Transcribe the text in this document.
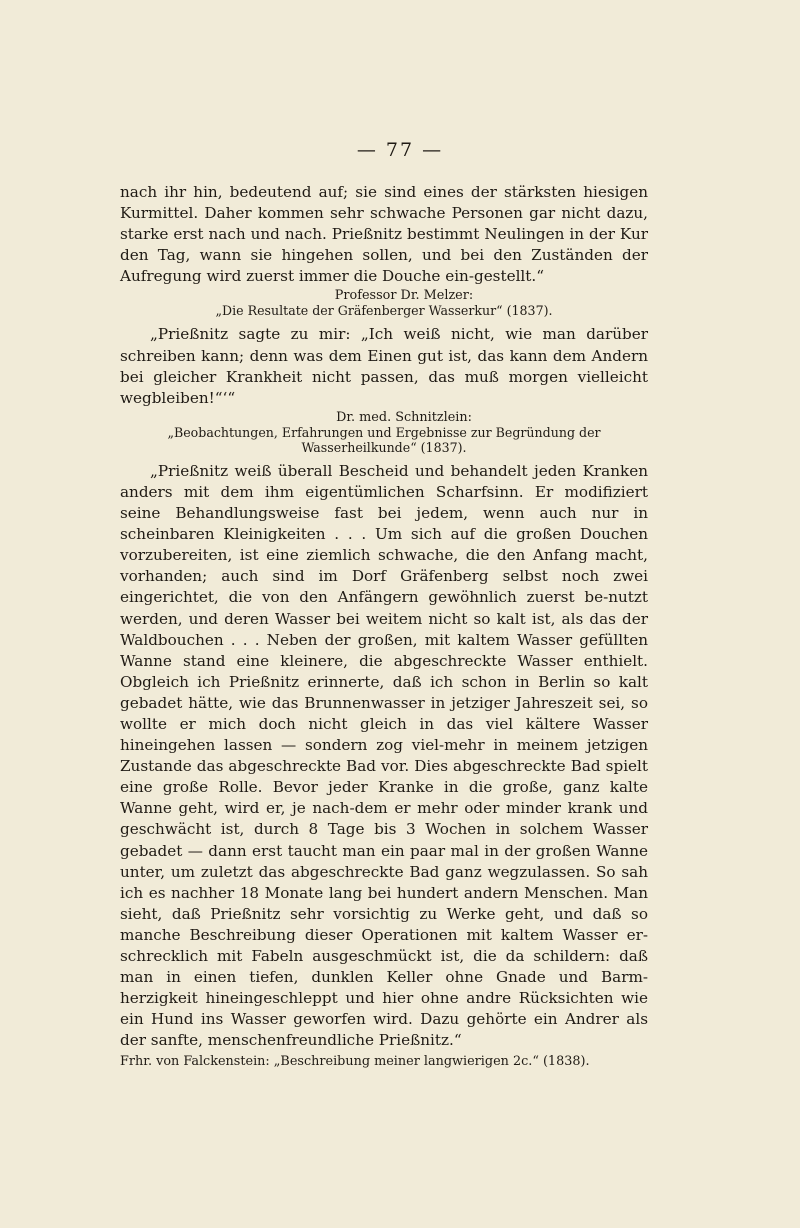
— 77 —

nach ihr hin, bedeutend auf; sie sind eines der stärksten hiesigen Kurmittel. Daher kommen sehr schwache Personen gar nicht dazu, starke erst nach und nach. Prießnitz bestimmt Neulingen in der Kur den Tag, wann sie hingehen sollen, und bei den Zuständen der Aufregung wird zuerst immer die Douche ein-gestellt.“

Professor Dr. Melzer:
„Die Resultate der Gräfenberger Wasserkur“ (1837).

„Prießnitz sagte zu mir: „Ich weiß nicht, wie man darüber schreiben kann; denn was dem Einen gut ist, das kann dem Andern bei gleicher Krankheit nicht passen, das muß morgen vielleicht wegbleiben!“‘“

Dr. med. Schnitzlein:
„Beobachtungen, Erfahrungen und Ergebnisse zur Begründung der
Wasserheilkunde“ (1837).

„Prießnitz weiß überall Bescheid und behandelt jeden Kranken anders mit dem ihm eigentümlichen Scharfsinn. Er modifiziert seine Behandlungsweise fast bei jedem, wenn auch nur in scheinbaren Kleinigkeiten . . . Um sich auf die großen Douchen vorzubereiten, ist eine ziemlich schwache, die den Anfang macht, vorhanden; auch sind im Dorf Gräfenberg selbst noch zwei eingerichtet, die von den Anfängern gewöhnlich zuerst be-nutzt werden, und deren Wasser bei weitem nicht so kalt ist, als das der Waldbouchen . . . Neben der großen, mit kaltem Wasser gefüllten Wanne stand eine kleinere, die abgeschreckte Wasser enthielt. Obgleich ich Prießnitz erinnerte, daß ich schon in Berlin so kalt gebadet hätte, wie das Brunnenwasser in jetziger Jahreszeit sei, so wollte er mich doch nicht gleich in das viel kältere Wasser hineingehen lassen — sondern zog viel-mehr in meinem jetzigen Zustande das abgeschreckte Bad vor. Dies abgeschreckte Bad spielt eine große Rolle. Bevor jeder Kranke in die große, ganz kalte Wanne geht, wird er, je nach-dem er mehr oder minder krank und geschwächt ist, durch 8 Tage bis 3 Wochen in solchem Wasser gebadet — dann erst taucht man ein paar mal in der großen Wanne unter, um zuletzt das abgeschreckte Bad ganz wegzulassen. So sah ich es nachher 18 Monate lang bei hundert andern Menschen. Man sieht, daß Prießnitz sehr vorsichtig zu Werke geht, und daß so manche Beschreibung dieser Operationen mit kaltem Wasser er-schrecklich mit Fabeln ausgeschmückt ist, die da schildern: daß man in einen tiefen, dunklen Keller ohne Gnade und Barm-herzigkeit hineingeschleppt und hier ohne andre Rücksichten wie ein Hund ins Wasser geworfen wird. Dazu gehörte ein Andrer als der sanfte, menschenfreundliche Prießnitz.“

Frhr. von Falckenstein: „Beschreibung meiner langwierigen 2c.“ (1838).
